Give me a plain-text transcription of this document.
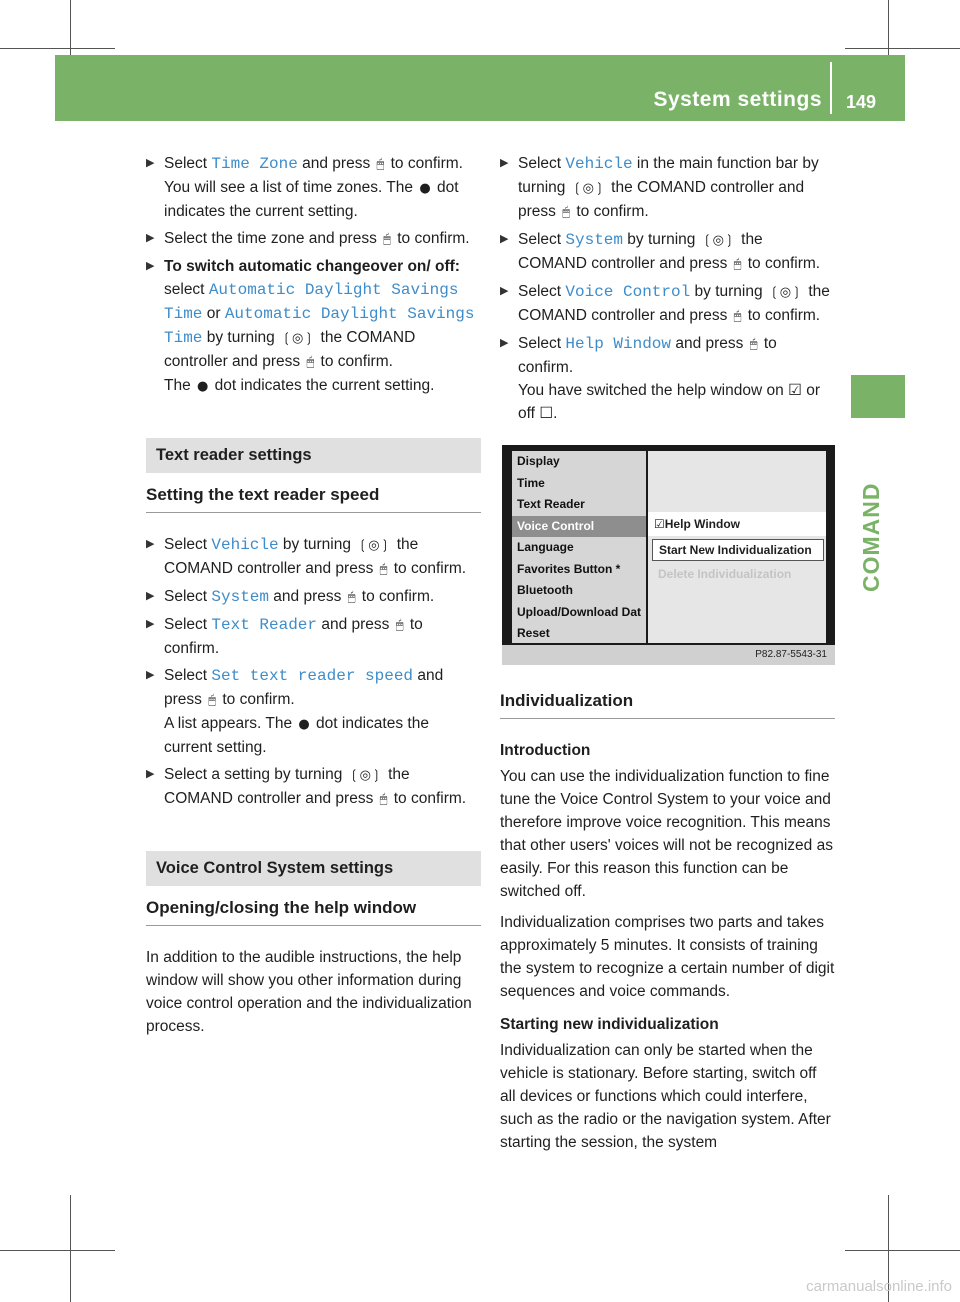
System settings 149
COMAND
▶ Select Time Zone and press 🖱 to confirm. You will see a list of time zones. The ● dot indicates the current setting.
▶ Select the time zone and press 🖱 to confirm.
▶ To switch automatic changeover on/ off: select Automatic Daylight Savings Time or Automatic Daylight Savings Time by turning ❲◎❳ the COMAND controller and press 🖱 to confirm.
The ● dot indicates the current setting.
Text reader settings
Setting the text reader speed
▶ Select Vehicle by turning ❲◎❳ the COMAND controller and press 🖱 to confirm.
▶ Select System and press 🖱 to confirm.
▶ Select Text Reader and press 🖱 to confirm.
▶ Select Set text reader speed and press 🖱 to confirm.
A list appears. The ● dot indicates the current setting.
▶ Select a setting by turning ❲◎❳ the COMAND controller and press 🖱 to confirm.
Voice Control System settings
Opening/closing the help window

In addition to the audible instructions, the help window will show you other information during voice control operation and the individualization process.

▶ Select Vehicle in the main function bar by turning ❲◎❳ the COMAND controller and press 🖱 to confirm.
▶ Select System by turning ❲◎❳ the COMAND controller and press 🖱 to confirm.
▶ Select Voice Control by turning ❲◎❳ the COMAND controller and press 🖱 to confirm.
▶ Select Help Window and press 🖱 to confirm.
You have switched the help window on ☑ or off ☐.
Display
Time
Text Reader
Voice Control
Language
Favorites Button *
Bluetooth
Upload/Download Dat
Reset
☑Help Window
Start New Individualization
Delete Individualization
P82.87-5543-31
Individualization
Introduction

You can use the individualization function to fine tune the Voice Control System to your voice and therefore improve voice recognition. This means that other users' voices will not be recognized as easily. For this reason this function can be switched off.

Individualization comprises two parts and takes approximately 5 minutes. It consists of training the system to recognize a certain number of digit sequences and voice commands.

Starting new individualization

Individualization can only be started when the vehicle is stationary. Before starting, switch off all devices or functions which could interfere, such as the radio or the navigation system. After starting the session, the system

carmanualsonline.info
